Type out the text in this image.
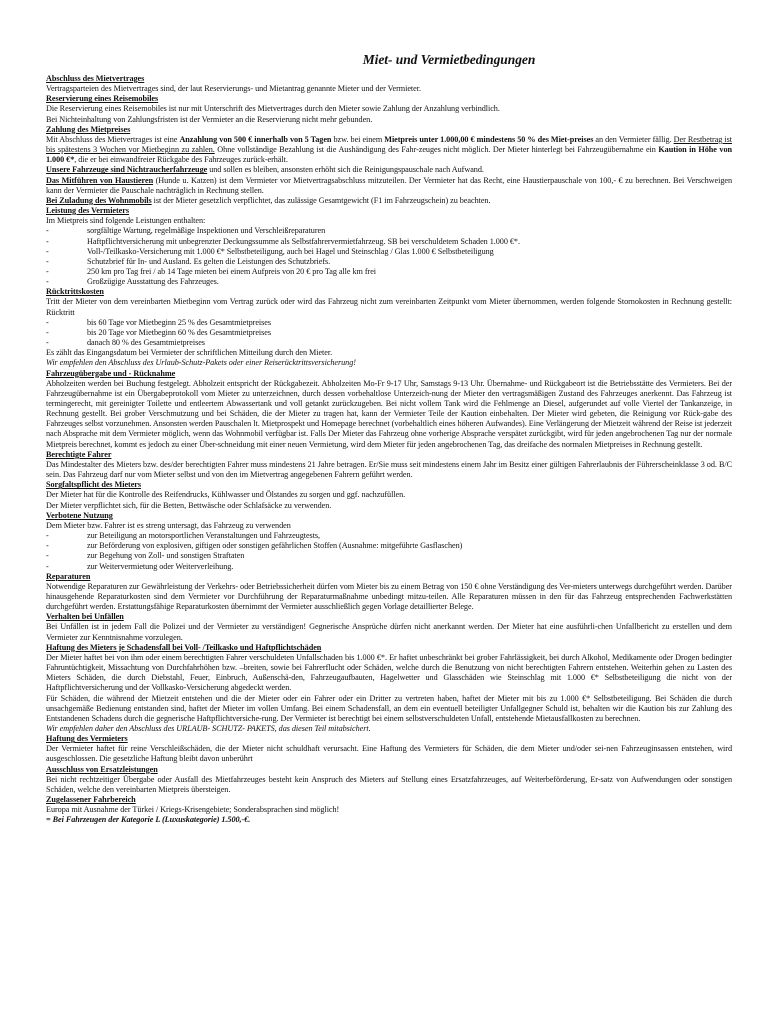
Miet- und Vermietbedingungen

Abschluss des Mietvertrages

Vertragsparteien des Mietvertrages sind, der laut Reservierungs- und Mietantrag genannte Mieter und der Vermieter.

Reservierung eines Reisemobiles

Die Reservierung eines Reisemobiles ist nur mit Unterschrift des Mietvertrages durch den Mieter sowie Zahlung der Anzahlung verbindlich.

Bei Nichteinhaltung von Zahlungsfristen ist der Vermieter an die Reservierung nicht mehr gebunden.

Zahlung des Mietpreises

Mit Abschluss des Mietvertrages ist eine Anzahlung von 500 € innerhalb von 5 Tagen bzw. bei einem Mietpreis unter 1.000,00 € mindestens 50 % des Miet-preises an den Vermieter fällig. Der Restbetrag ist bis spätestens 3 Wochen vor Mietbeginn zu zahlen. Ohne vollständige Bezahlung ist die Aushändigung des Fahr-zeuges nicht möglich. Der Mieter hinterlegt bei Fahrzeugübernahme ein Kaution in Höhe von 1.000 €*, die er bei einwandfreier Rückgabe des Fahrzeuges zurück-erhält.

Unsere Fahrzeuge sind Nichtraucherfahrzeuge und sollen es bleiben, ansonsten erhöht sich die Reinigungspauschale nach Aufwand.

Das Mitführen von Haustieren (Hunde u. Katzen) ist dem Vermieter vor Mietvertragsabschluss mitzuteilen. Der Vermieter hat das Recht, eine Haustierpauschale von 100,- € zu berechnen. Bei Verschweigen kann der Vermieter die Pauschale nachträglich in Rechnung stellen.

Bei Zuladung des Wohnmobils ist der Mieter gesetzlich verpflichtet, das zulässige Gesamtgewicht (F1 im Fahrzeugschein) zu beachten.

Leistung des Vermieters

Im Mietpreis sind folgende Leistungen enthalten:

-	sorgfältige Wartung, regelmäßige Inspektionen und Verschleißreparaturen
-	Haftpflichtversicherung mit unbegrenzter Deckungssumme als Selbstfahrervermietfahrzeug. SB bei verschuldetem Schaden 1.000 €*.
-	Voll-/Teilkasko-Versicherung mit 1.000 €* Selbstbeteiligung, auch bei Hagel und Steinschlag / Glas 1.000 € Selbstbeteiligung
-	Schutzbrief für In- und Ausland. Es gelten die Leistungen des Schutzbriefs.
-	250 km pro Tag frei / ab 14 Tage mieten bei einem Aufpreis von 20 € pro Tag alle km frei
-	Großzügige Ausstattung des Fahrzeuges.

Rücktrittskosten

Tritt der Mieter von dem vereinbarten Mietbeginn vom Vertrag zurück oder wird das Fahrzeug nicht zum vereinbarten Zeitpunkt vom Mieter übernommen, werden folgende Stornokosten in Rechnung gestellt: Rücktritt

-	bis 60 Tage vor Mietbeginn 25 % des Gesamtmietpreises
-	bis 20 Tage vor Mietbeginn 60 % des Gesamtmietpreises
-	danach 80 % des Gesamtmietpreises

Es zählt das Eingangsdatum bei Vermieter der schriftlichen Mitteilung durch den Mieter.

Wir empfehlen den Abschluss des Urlaub-Schutz-Pakets oder einer Reiserücktrittsversicherung!

Fahrzeugübergabe und - Rücknahme

Abholzeiten werden bei Buchung festgelegt. Abholzeit entspricht der Rückgabezeit. Abholzeiten Mo-Fr 9-17 Uhr, Samstags 9-13 Uhr. Übernahme- und Rückgabeort ist die Betriebsstätte des Vermieters. Bei der Fahrzeugübernahme ist ein Übergabeprotokoll vom Mieter zu unterzeichnen, durch dessen vorbehaltlose Unterzeich-nung der Mieter den vertragsmäßigen Zustand des Fahrzeuges anerkennt. Das Fahrzeug ist termingerecht, mit gereinigter Toilette und entleertem Abwassertank und voll getankt zurückzugeben. Bei nicht vollem Tank wird die Fehlmenge an Diesel, aufgerundet auf volle Viertel der Tankanzeige, in Rechnung gestellt. Bei grober Verschmutzung und bei Schäden, die der Mieter zu tragen hat, kann der Vermieter Teile der Kaution einbehalten. Der Mieter wird gebeten, die Reinigung vor Rück-gabe des Fahrzeuges selbst vorzunehmen. Ansonsten werden Pauschalen lt. Mietprospekt und Homepage berechnet (vorbehaltlich eines höheren Aufwandes). Eine Verlängerung der Mietzeit während der Reise ist jederzeit nach Absprache mit dem Vermieter möglich, wenn das Wohnmobil verfügbar ist. Falls Der Mieter das Fahrzeug ohne vorherige Absprache verspätet zurückgibt, wird für jeden angebrochenen Tag nur der normale Mietpreis berechnet, kommt es jedoch zu einer Über-schneidung mit einer neuen Vermietung, wird dem Mieter für jeden angebrochenen Tag, das dreifache des normalen Mietpreises in Rechnung gestellt.

Berechtigte Fahrer

Das Mindestalter des Mieters bzw. des/der berechtigten Fahrer muss mindestens 21 Jahre betragen. Er/Sie muss seit mindestens einem Jahr im Besitz einer gültigen Fahrerlaubnis der Führerscheinklasse 3 od. B/C sein. Das Fahrzeug darf nur vom Mieter selbst und von den im Mietvertrag angegebenen Fahrern geführt werden.

Sorgfaltspflicht des Mieters

Der Mieter hat für die Kontrolle des Reifendrucks, Kühlwasser und Ölstandes zu sorgen und ggf. nachzufüllen.

Der Mieter verpflichtet sich, für die Betten, Bettwäsche oder Schlafsäcke zu verwenden.

Verbotene Nutzung

Dem Mieter bzw. Fahrer ist es streng untersagt, das Fahrzeug zu verwenden

-	zur Beteiligung an motorsportlichen Veranstaltungen und Fahrzeugtests,
-	zur Beförderung von explosiven, giftigen oder sonstigen gefährlichen Stoffen (Ausnahme: mitgeführte Gasflaschen)
-	zur Begehung von Zoll- und sonstigen Straftaten
-	zur Weitervermietung oder Weiterverleihung.

Reparaturen

Notwendige Reparaturen zur Gewährleistung der Verkehrs- oder Betriebssicherheit dürfen vom Mieter bis zu einem Betrag von 150 € ohne Verständigung des Ver-mieters unterwegs durchgeführt werden. Darüber hinausgehende Reparaturkosten sind dem Vermieter vor Durchführung der Reparaturmaßnahme unbedingt mitzu-teilen. Alle Reparaturen müssen in den für das Fahrzeug entsprechenden Fachwerkstätten durchgeführt werden. Erstattungsfähige Reparaturkosten übernimmt der Vermieter ausschließlich gegen Vorlage detaillierter Belege.

Verhalten bei Unfällen

Bei Unfällen ist in jedem Fall die Polizei und der Vermieter zu verständigen! Gegnerische Ansprüche dürfen nicht anerkannt werden. Der Mieter hat eine ausführli-chen Unfallbericht zu erstellen und dem Vermieter zur Kenntnisnahme vorzulegen.

Haftung des Mieters je Schadensfall bei Voll- /Teilkasko und Haftpflichtschäden

Der Mieter haftet bei von ihm oder einem berechtigten Fahrer verschuldeten Unfallschaden bis 1.000 €*. Er haftet unbeschränkt bei grober Fahrlässigkeit, bei durch Alkohol, Medikamente oder Drogen bedingter Fahruntüchtigkeit, Missachtung von Durchfahrhöhen bzw. –breiten, sowie bei Fahrerflucht oder Schäden, welche durch die Benutzung von nicht berechtigten Fahrern entstehen. Weiterhin gehen zu Lasten des Mieters Schäden, die durch Diebstahl, Feuer, Einbruch, Außenschä-den, Fahrzeugaufbauten, Hagelwetter und Glasschäden wie Steinschlag mit 1.000 €* Selbstbeteiligung die nicht von der Haftpflichtversicherung und der Vollkasko-Versicherung abgedeckt werden.

Für Schäden, die während der Mietzeit entstehen und die der Mieter oder ein Fahrer oder ein Dritter zu vertreten haben, haftet der Mieter mit bis zu 1.000 €* Selbstbeteiligung. Bei Schäden die durch unsachgemäße Bedienung entstanden sind, haftet der Mieter im vollen Umfang. Bei einem Schadensfall, an dem ein eventuell beteiligter Unfallgegner Schuld ist, behalten wir die Kaution bis zur Zahlung des Entstandenen Schadens durch die gegnerische Haftpflichtversiche-rung. Der Vermieter ist berechtigt bei einem selbstverschuldeten Unfall, entstehende Mietausfallkosten zu berechnen.

Wir empfehlen daher den Abschluss des URLAUB- SCHUTZ- PAKETS, das diesen Teil mitabsichert.

Haftung des Vermieters

Der Vermieter haftet für reine Verschleißschäden, die der Mieter nicht schuldhaft verursacht. Eine Haftung des Vermieters für Schäden, die dem Mieter und/oder sei-nen Fahrzeuginsassen entstehen, wird ausgeschlossen. Die gesetzliche Haftung bleibt davon unberührt

Ausschluss von Ersatzleistungen

Bei nicht rechtzeitiger Übergabe oder Ausfall des Mietfahrzeuges besteht kein Anspruch des Mieters auf Stellung eines Ersatzfahrzeuges, auf Weiterbeförderung, Er-satz von Aufwendungen oder sonstigen Schäden, welche den vereinbarten Mietpreis übersteigen.

Zugelassener Fahrbereich

Europa mit Ausnahme der Türkei / Kriegs-Krisengebiete; Sonderabsprachen sind möglich!

= Bei Fahrzeugen der Kategorie L (Luxuskategorie) 1.500,-€.
